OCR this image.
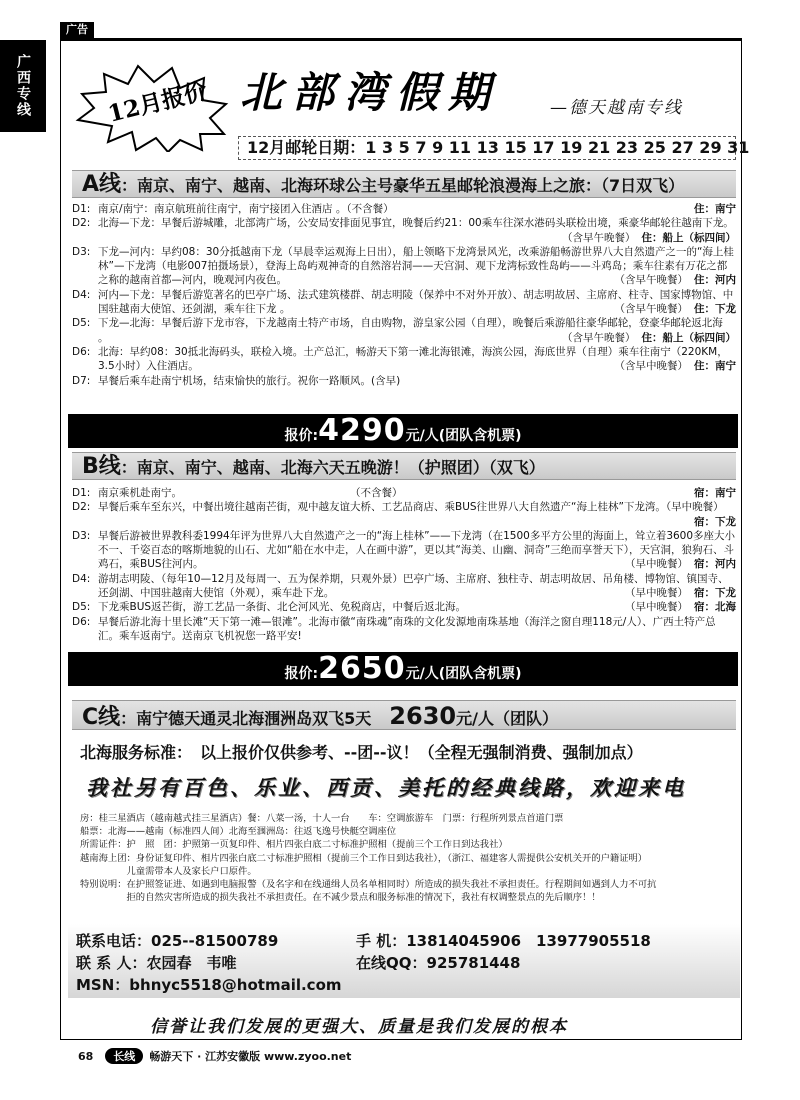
广告
广西专线	12月报价 北部湾假期	—德天越南专线
12月邮轮日期：1 3 5 7 9 11 13 15 17 19 21 23 25 27 29 31
A线：南京、南宁、越南、北海环球公主号豪华五星邮轮浪漫海上之旅：（7日双飞）
D1: 南京/南宁：南京航班前往南宁，南宁接团入住酒店 。（不含餐）	住：南宁
D2: 北海—下龙：早餐后游城雕，北部湾广场，公安局安排面见事宜，晚餐后约21：00乘车往深水港码头联检出境，乘豪华邮轮往越南下龙。
（含早午晚餐） 住：船上（标四间）
D3: 下龙—河内：早约08：30分抵越南下龙（早晨幸运观海上日出），船上领略下龙湾景风光，改乘游船畅游世界八大自然遗产之一的“海上桂林”—下龙湾（电影007拍摄场景），登海上岛屿观神奇的自然溶岩洞——天宫洞、观下龙湾标致性岛屿——斗鸡岛；乘车往素有万花之都之称的越南首都—河内，晚观河内夜色。	（含早午晚餐） 住：河内
D4: 河内—下龙：早餐后游览著名的巴亭广场、法式建筑楼群、胡志明陵（保养中不对外开放）、胡志明故居、主席府、柱寺、国家博物馆、中国驻越南大使馆、还剑湖，乘车往下龙 。	（含早午晚餐） 住：下龙
D5: 下龙—北海：早餐后游下龙市容，下龙越南土特产市场，自由购物，游皇家公园（自理），晚餐后乘游船往豪华邮轮，登豪华邮轮返北海 。	（含早午晚餐） 住：船上（标四间）
D6: 北海：早约08：30抵北海码头，联检入境。土产总汇，畅游天下第一滩北海银滩，海滨公园，海底世界（自理）乘车往南宁（220KM，3.5小时）入住酒店。	（含早中晚餐） 住：南宁
D7: 早餐后乘车赴南宁机场，结束愉快的旅行。祝你一路顺风。(含早)
报价:4290元/人(团队含机票)
B线：南京、南宁、越南、北海六天五晚游！（护照团）（双飞）
D1: 南京乘机赴南宁。　　　　　　　　　　　　　　　　　（不含餐）	宿：南宁
D2: 早餐后乘车至东兴，中餐出境往越南芒街，观中越友谊大桥、工艺品商店、乘BUS往世界八大自然遗产“海上桂林”下龙湾。（早中晚餐）
宿：下龙
D3: 早餐后游被世界教科委1994年评为世界八大自然遗产之一的“海上桂林”——下龙湾（在1500多平方公里的海面上，耸立着3600多座大小不一、千姿百态的喀斯地貌的山石、尤如“船在水中走，人在画中游”，更以其“海美、山幽、洞奇”三绝而享誉天下），天宫洞，狼狗石、斗鸡石，乘BUS往河内。	（早中晚餐） 宿：河内
D4: 游胡志明陵、（每年10—12月及每周一、五为保养期，只观外景）巴亭广场、主席府、独柱寺、胡志明故居、吊角楼、博物馆、镇国寺、还剑湖、中国驻越南大使馆（外观），乘车赴下龙。	（早中晚餐） 宿：下龙
D5: 下龙乘BUS返芒街，游工艺品一条街、北仑河风光、免税商店，中餐后返北海。	（早中晚餐） 宿：北海
D6: 早餐后游北海十里长滩“天下第一滩—银滩”。北海市徽“南珠魂”南珠的文化发源地南珠基地（海洋之窗自理118元/人）、广西土特产总汇。乘车返南宁。送南京飞机祝您一路平安!
报价:2650元/人(团队含机票)
C线：南宁德天通灵北海涠洲岛双飞5天 2630元/人（团队）
北海服务标准：　以上报价仅供参考、--团--议！（全程无强制消费、强制加点）
我社另有百色、乐业、西贡、美托的经典线路，欢迎来电
房：桂三星酒店（越南越式挂三星酒店）餐：八菜一汤，十人一台　　车：空调旅游车　门票：行程所列景点首道门票
船票：北海——越南（标准四人间）北海至涠洲岛：往返飞逸号快艇空调座位
所需证件：护　照　团：护照第一页复印件、相片四张白底二寸标准护照相（提前三个工作日到达我社）
越南海上团：身份证复印件、相片四张白底二寸标准护照相（提前三个工作日到达我社），（浙江、福建客人需提供公安机关开的户籍证明）
　　　　　儿童需带本人及家长户口原件。
特别说明：在护照签证进、如遇到电脑报警（及名字和在线通缉人员名单相同时）所造成的损失我社不承担责任。行程期间如遇到人力不可抗
　　　　　拒的自然灾害所造成的损失我社不承担责任。在不减少景点和服务标准的情况下，我社有权调整景点的先后顺序！！
联系电话：025--81500789	手 机：13814045906　13977905518
联 系 人：农园春　韦唯	在线QQ：925781448
MSN：bhnyc5518@hotmail.com
信誉让我们发展的更强大、质量是我们发展的根本
68 长线 畅游天下 · 江苏安徽版 www.zyoo.net
